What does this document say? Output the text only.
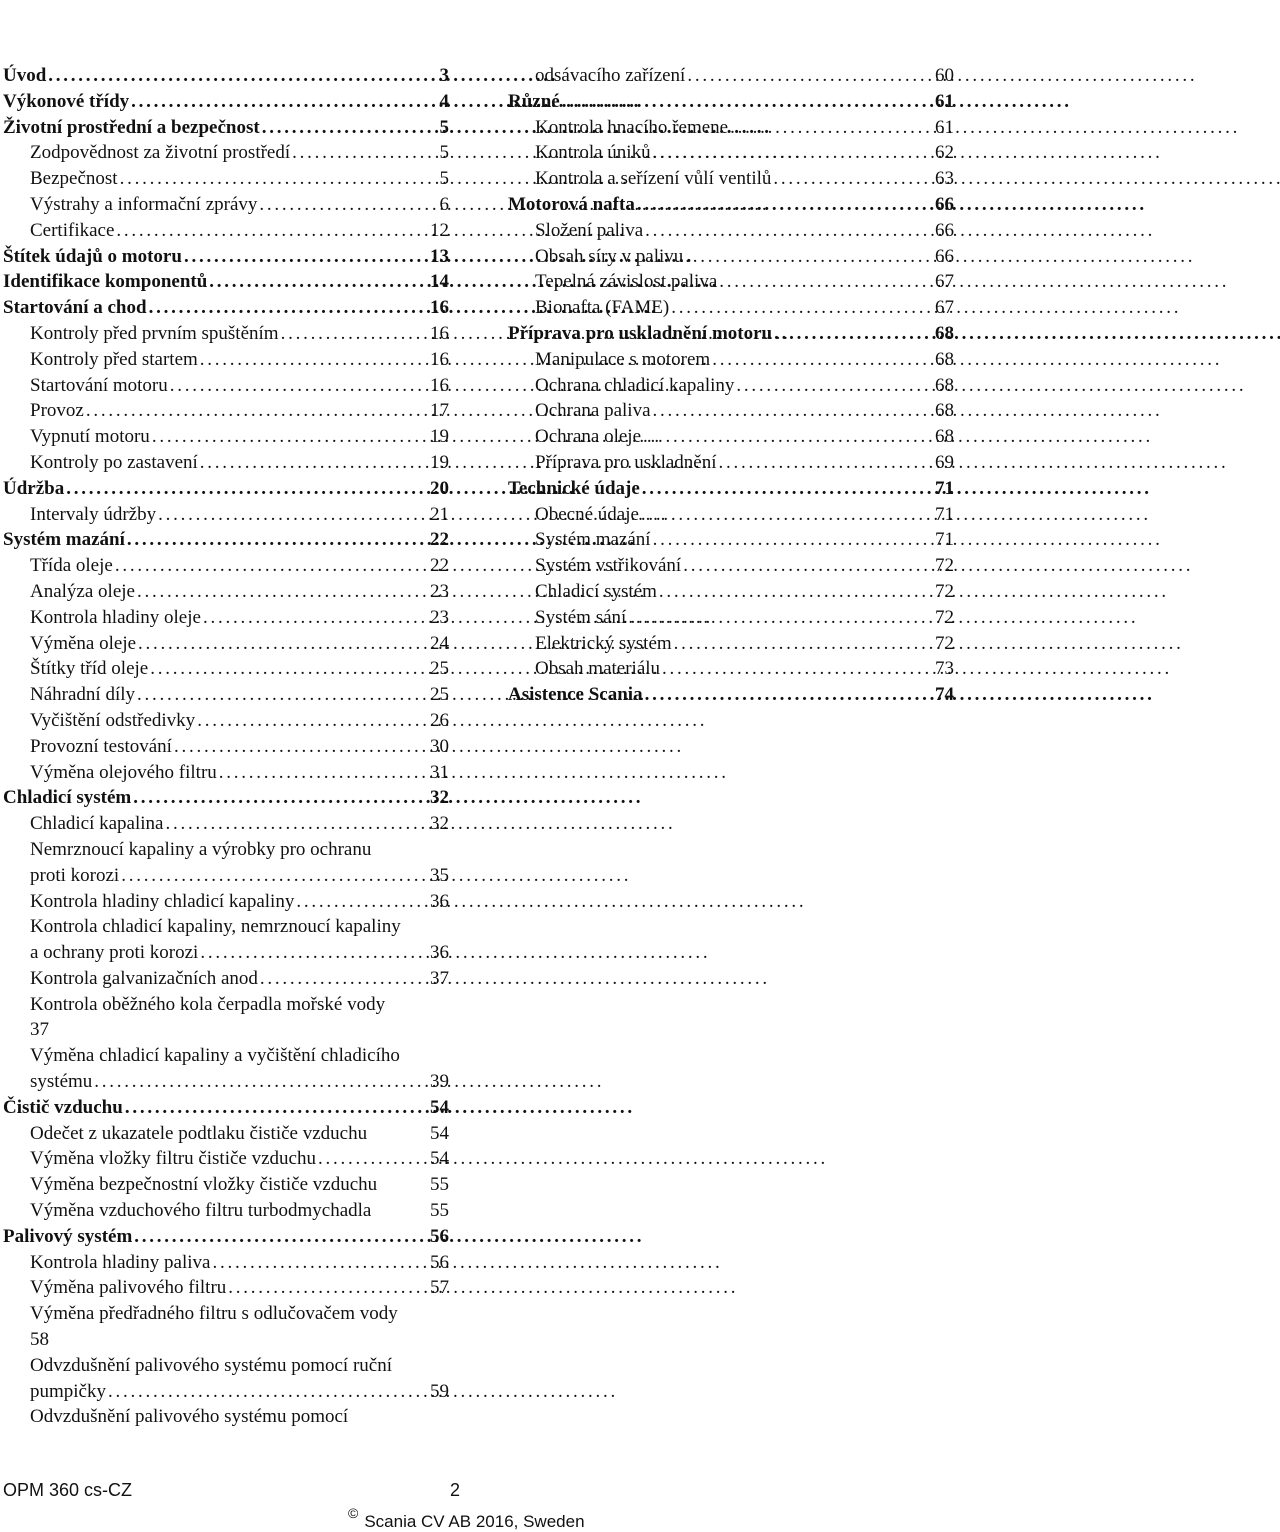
Úvod . . .	3
Výkonové třídy . . .	4
Životní prostřední a bezpečnost . . .	5
Zodpovědnost za životní prostředí . . .	5
Bezpečnost . . .	5
Výstrahy a informační zprávy . . .	6
Certifikace . . .	12
Štítek údajů o motoru . . .	13
Identifikace komponentů . . .	14
Startování a chod . . .	16
Kontroly před prvním spuštěním . . .	16
Kontroly před startem . . .	16
Startování motoru . . .	16
Provoz . . .	17
Vypnutí motoru . . .	19
Kontroly po zastavení . . .	19
Údržba . . .	20
Intervaly údržby . . .	21
Systém mazání . . .	22
Třída oleje . . .	22
Analýza oleje . . .	23
Kontrola hladiny oleje . . .	23
Výměna oleje . . .	24
Štítky tříd oleje . . .	25
Náhradní díly . . .	25
Vyčištění odstředivky . . .	26
Provozní testování . . .	30
Výměna olejového filtru . . .	31
Chladicí systém . . .	32
Chladicí kapalina . . .	32
Nemrznoucí kapaliny a výrobky pro ochranu
proti korozi . . .	35
Kontrola hladiny chladicí kapaliny . . .	36
Kontrola chladicí kapaliny, nemrznoucí kapaliny
a ochrany proti korozi . . .	36
Kontrola galvanizačních anod . . .	37
Kontrola oběžného kola čerpadla mořské vody
37
Výměna chladicí kapaliny a vyčištění chladicího
systému . . .	39
Čistič vzduchu . . .	54
Odečet z ukazatele podtlaku čističe vzduchu	54
Výměna vložky filtru čističe vzduchu . . .	54
Výměna bezpečnostní vložky čističe vzduchu	55
Výměna vzduchového filtru turbodmychadla	55
Palivový systém . . .	56
Kontrola hladiny paliva . . .	56
Výměna palivového filtru . . .	57
Výměna předřadného filtru s odlučovačem vody
58
Odvzdušnění palivového systému pomocí ruční
pumpičky . . .	59
Odvzdušnění palivového systému pomocí
odsávacího zařízení . . .	60
Různé . . .	61
Kontrola hnacího řemene . . .	61
Kontrola úniků . . .	62
Kontrola a seřízení vůlí ventilů . . .	63
Motorová nafta . . .	66
Složení paliva . . .	66
Obsah síry v palivu . . .	66
Tepelná závislost paliva . . .	67
Bionafta (FAME) . . .	67
Příprava pro uskladnění motoru . . .	68
Manipulace s motorem . . .	68
Ochrana chladicí kapaliny . . .	68
Ochrana paliva . . .	68
Ochrana oleje . . .	68
Příprava pro uskladnění . . .	69
Technické údaje . . .	71
Obecné údaje . . .	71
Systém mazání . . .	71
Systém vstřikování . . .	72
Chladicí systém . . .	72
Systém sání . . .	72
Elektrický systém . . .	72
Obsah materiálu . . .	73
Asistence Scania . . .	74
OPM 360 cs-CZ	2
© Scania CV AB 2016, Sweden
